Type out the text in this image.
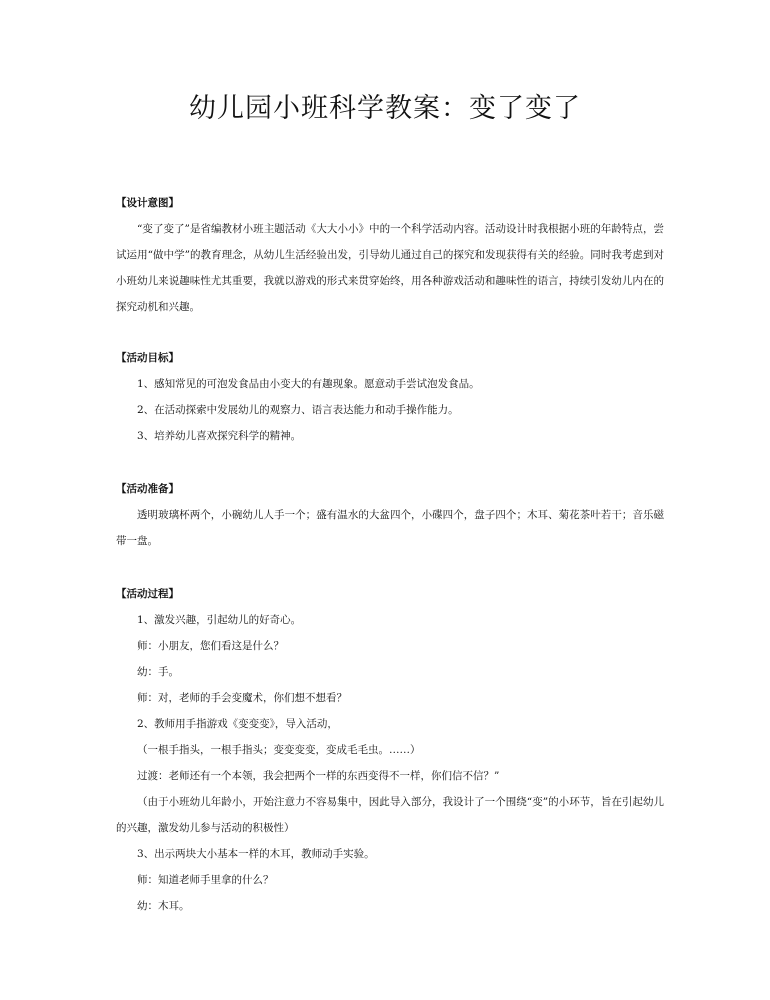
幼儿园小班科学教案：变了变了

【设计意图】

“变了变了”是省编教材小班主题活动《大大小小》中的一个科学活动内容。活动设计时我根据小班的年龄特点，尝试运用“做中学”的教育理念，从幼儿生活经验出发，引导幼儿通过自己的探究和发现获得有关的经验。同时我考虑到对小班幼儿来说趣味性尤其重要，我就以游戏的形式来贯穿始终，用各种游戏活动和趣味性的语言，持续引发幼儿内在的探究动机和兴趣。

【活动目标】

1、感知常见的可泡发食品由小变大的有趣现象。愿意动手尝试泡发食品。

2、在活动探索中发展幼儿的观察力、语言表达能力和动手操作能力。

3、培养幼儿喜欢探究科学的精神。

【活动准备】

透明玻璃杯两个，小碗幼儿人手一个；盛有温水的大盆四个，小碟四个，盘子四个；木耳、菊花茶叶若干；音乐磁带一盘。

【活动过程】

1、激发兴趣，引起幼儿的好奇心。

师：小朋友，您们看这是什么？

幼：手。

师：对，老师的手会变魔术，你们想不想看？

2、教师用手指游戏《变变变》，导入活动，

（一根手指头，一根手指头；变变变变，变成毛毛虫。……）

过渡：老师还有一个本领，我会把两个一样的东西变得不一样，你们信不信？”

（由于小班幼儿年龄小，开始注意力不容易集中，因此导入部分，我设计了一个围绕“变”的小环节，旨在引起幼儿的兴趣，激发幼儿参与活动的积极性）

3、出示两块大小基本一样的木耳，教师动手实验。

师：知道老师手里拿的什么？

幼：木耳。
